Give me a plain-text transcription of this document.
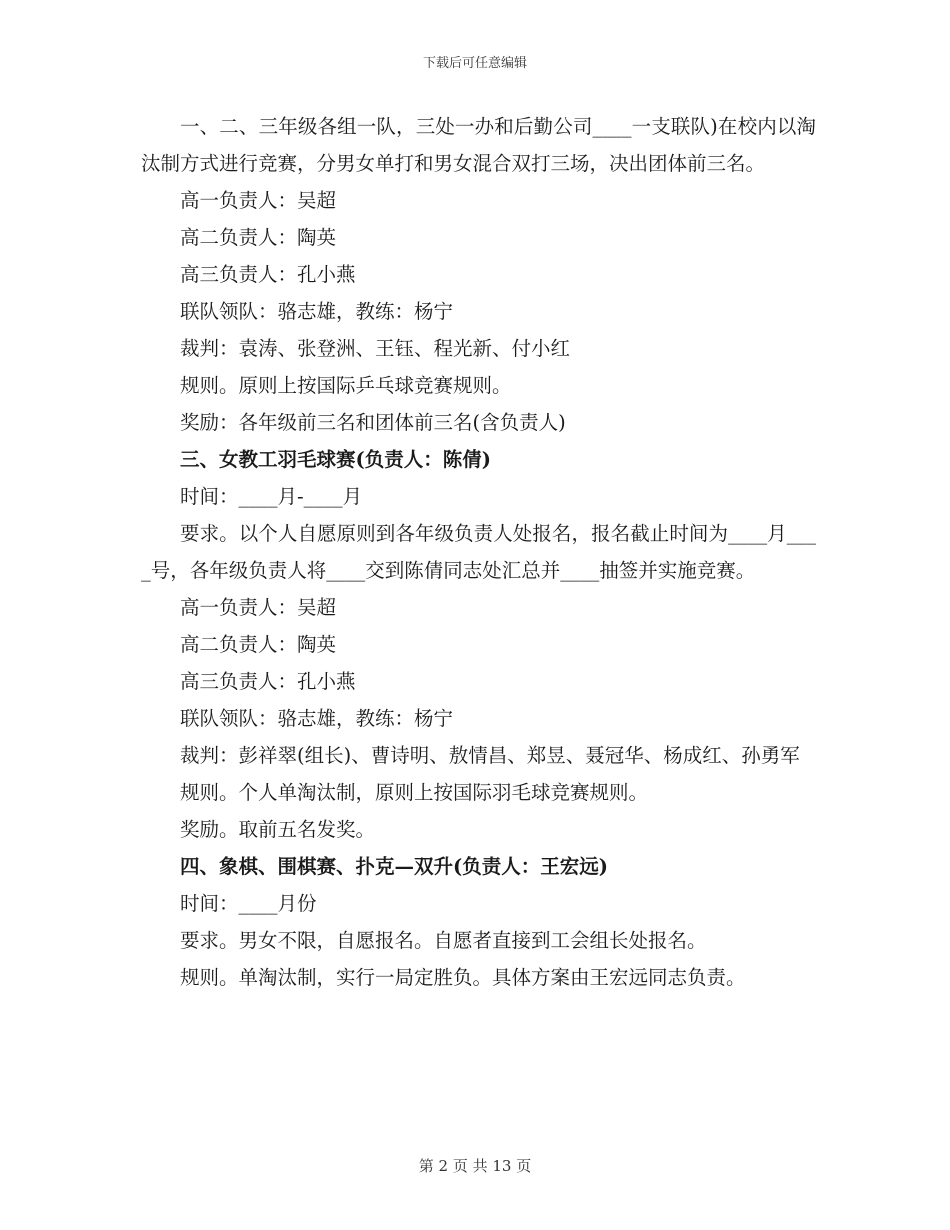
下载后可任意编辑

一、二、三年级各组一队，三处一办和后勤公司____一支联队)在校内以淘汰制方式进行竞赛，分男女单打和男女混合双打三场，决出团体前三名。

高一负责人：吴超

高二负责人：陶英

高三负责人：孔小燕

联队领队：骆志雄，教练：杨宁

裁判：袁涛、张登洲、王钰、程光新、付小红

规则。原则上按国际乒乓球竞赛规则。

奖励：各年级前三名和团体前三名(含负责人)

三、女教工羽毛球赛(负责人：陈倩)

时间：____月-____月

要求。以个人自愿原则到各年级负责人处报名，报名截止时间为____月____号，各年级负责人将____交到陈倩同志处汇总并____抽签并实施竞赛。

高一负责人：吴超

高二负责人：陶英

高三负责人：孔小燕

联队领队：骆志雄，教练：杨宁

裁判：彭祥翠(组长)、曹诗明、敖情昌、郑昱、聂冠华、杨成红、孙勇军

规则。个人单淘汰制，原则上按国际羽毛球竞赛规则。

奖励。取前五名发奖。

四、象棋、围棋赛、扑克—双升(负责人：王宏远)

时间：____月份

要求。男女不限，自愿报名。自愿者直接到工会组长处报名。

规则。单淘汰制，实行一局定胜负。具体方案由王宏远同志负责。

第 2 页 共 13 页
